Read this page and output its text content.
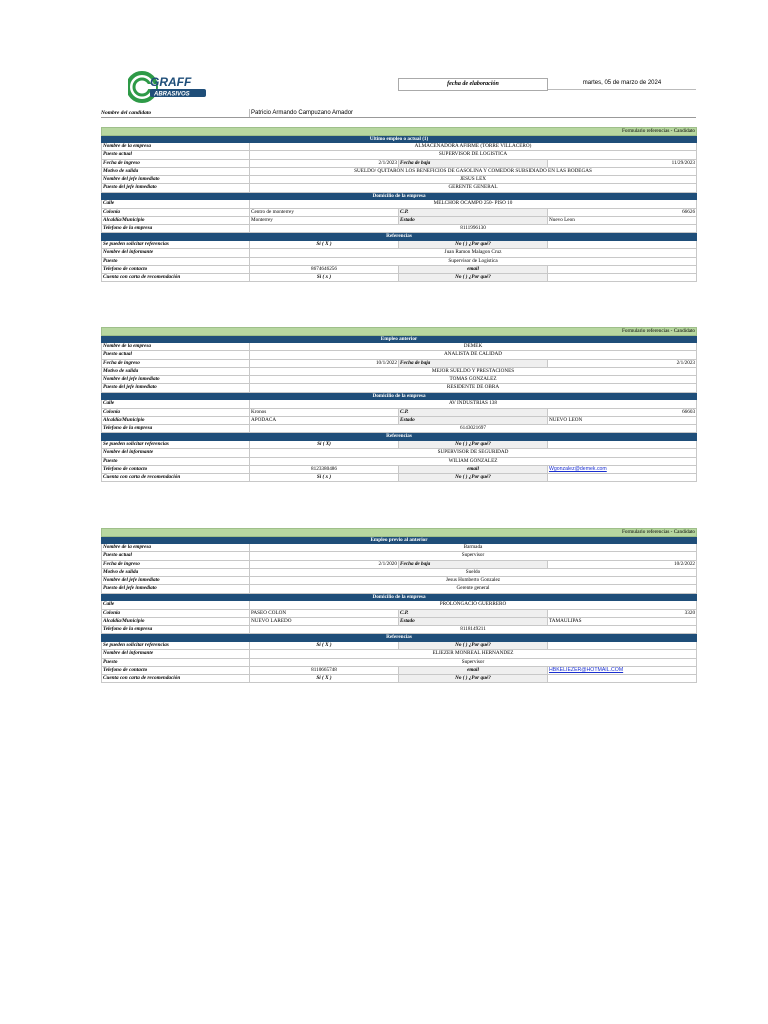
GRAFF
ABRASIVOS
fecha de elaboración	martes, 05 de marzo de 2024
Nombre del candidato	Patricio Armando Campuzano Amador
Formulario referencias - Candidato			
Ultimo empleo o actual (1)			
Nombre de la empresa	ALMACENADORA AFIRME (TORRE VILLACERO)		
Puesto actual	SUPERVISOR DE LOGISTICA		
Fecha de ingreso	2/1/2023	Fecha de baja	11/29/2023
Motivo de salida	SUELDO/ QUITARON LOS BENEFICIOS DE GASOLINA Y COMEDOR SUBSIDIADO EN LAS BODEGAS		
Nombre del jefe inmediato	JESUS LEX		
Puesto del jefe inmediato	GERENTE GENERAL		
Domicilio de la empresa			
Calle	MELCHOR OCAMPO 250- PISO 10		
Colonia	Centro de monterrey	C.P.	66626
Alcaldía/Municipio	Monterrey	Estado	Nuevo Leon
Telefono de la empresa	8111996130		
Referencias			
Se pueden solicitar referencias	Si ( X )	No ( ) ¿Por qué?	
Nombre del informante	Juan Ramon Malagon Cruz		
Puesto	Supervisor de Logistica		
Telefono de contacto	8674646256	email	
Cuenta con carta de recomendación	Si ( x )	No ( ) ¿Por qué?	
Formulario referencias - Candidato			
Empleo anterior			
Nombre de la empresa	DEMEK		
Puesto actual	ANALISTA DE CALIDAD		
Fecha de ingreso	10/1/2022	Fecha de baja	2/1/2023
Motivo de salida	MEJOR SUELDO Y PRESTACIONES		
Nombre del jefe inmediato	TOMAS GONZALEZ		
Puesto del jefe inmediato	RESIDENTE DE OBRA		
Domicilio de la empresa			
Calle	AV INDUSTRIAS 138		
Colonia	Kronos	C.P.	66603
Alcaldía/Municipio	APODACA	Estado	NUEVO LEON
Telefono de la empresa	6143021697		
Referencias			
Se pueden solicitar referencias	Si ( X)	No ( ) ¿Por qué?	
Nombre del informante	SUPERVISOR DE SEGURIDAD		
Puesto	WILIAM GONZALEZ		
Telefono de contacto	8123380486	email	Wgonzalez@demek.com
Cuenta con carta de recomendación	Si ( x )	No ( ) ¿Por qué?	
Formulario referencias - Candidato			
Empleo previo al anterior			
Nombre de la empresa	Barmada		
Puesto actual	Supervisor		
Fecha de ingreso	2/1/2020	Fecha de baja	10/2/2022
Motivo de salida	Sueldo		
Nombre del jefe inmediato	Jesus Humberto Gonzalez		
Puesto del jefe inmediato	Gerente general		
Domicilio de la empresa			
Calle	PROLONGACIO GUERRERO		
Colonia	PASEO COLON	C.P.	3320
Alcaldía/Municipio	NUEVO LAREDO	Estado	TAMAULIPAS
Telefono de la empresa	8118149211		
Referencias			
Se pueden solicitar referencias	Si ( X )	No ( ) ¿Por qué?	
Nombre del informante	ELIEZER MONREAL HERNANDEZ		
Puesto	Supervisor		
Telefono de contacto	8110665748	email	HBKELIEZER@HOTMAIL.COM
Cuenta con carta de recomendación	Si ( X )	No ( ) ¿Por qué?	
